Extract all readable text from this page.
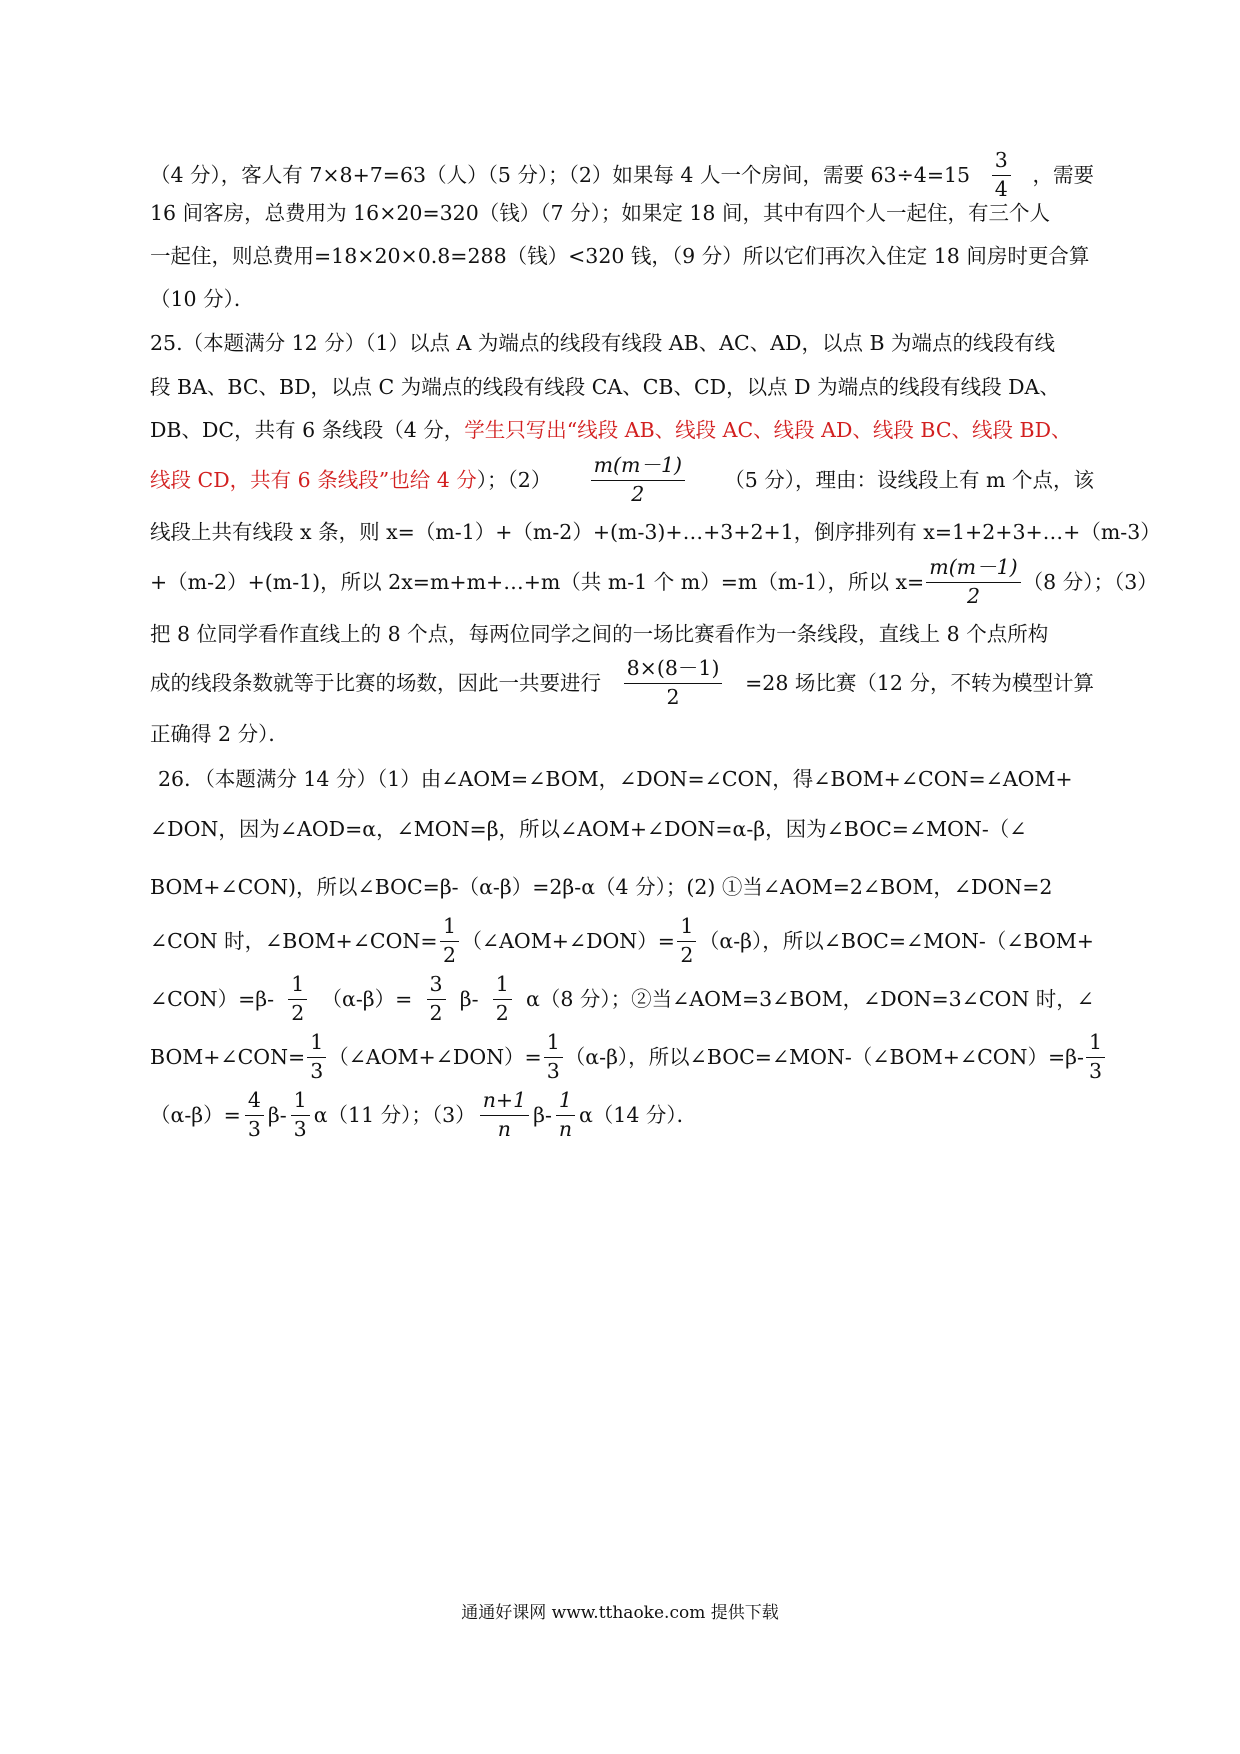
（4 分），客人有 7×8+7=63（人）（5 分）；（2）如果每 4 人一个房间，需要 $63\div 4=15 \frac{3}{4}$ ，需要
16 间客房，总费用为 16×20=320（钱）（7 分）；如果定 18 间，其中有四个人一起住，有三个人
一起住，则总费用=18×20×0.8=288（钱）<320 钱，（9 分）所以它们再次入住定 18 间房时更合算
（10 分）．
25.（本题满分 12 分）（1）以点 A 为端点的线段有线段 AB、AC、AD，以点 B 为端点的线段有线
段 BA、BC、BD，以点 C 为端点的线段有线段 CA、CB、CD，以点 D 为端点的线段有线段 DA、
DB、DC，共有 6 条线段（4 分，学生只写出“线段 AB、线段 AC、线段 AD、线段 BC、线段 BD、
线段 CD，共有 6 条线段”也给 4 分）；$(2) \frac{m(m-1)}{2} (5$ 分），理由：设线段上有 m 个点，该
线段上共有线段 x 条，则 x=（m-1）+（m-2）+(m-3)+…+3+2+1，倒序排列有 x=1+2+3+…+（m-3）
+（m-2）+(m-1)，所以 2x=m+m+…+m（共 m-1 个 m）=m（m-1），所以 $x= \frac{m(m-1)}{2} (8$ 分）；（3）
把 8 位同学看作直线上的 8 个点，每两位同学之间的一场比赛看作为一条线段，直线上 8 个点所构
成的线段条数就等于比赛的场数，因此一共要进行 $\frac{8\times(8-1)}{2} =28$ 场比赛（12 分，不转为模型计算
正确得 2 分）．
26．（本题满分 14 分）（1）由∠AOM=∠BOM，∠DON=∠CON，得∠BOM+∠CON=∠AOM+
∠DON，因为∠AOD=α，∠MON=β，所以∠AOM+∠DON=α-β，因为∠BOC=∠MON-（∠
BOM+∠CON)，所以∠BOC=β-（α-β）=2β-α（4 分）；(2) ①当∠AOM=2∠BOM，∠DON=2
∠CON 时，∠BOM+∠CON= $\frac{1}{2}$ （∠AOM+∠DON）= $\frac{1}{2} (\alpha-\beta)$，所以∠BOC=∠MON-（∠BOM+
∠CON）=β- $\frac{1}{2} (\alpha-\beta)= \frac{3}{2} \beta- \frac{1}{2} \alpha(8$ 分）；②当∠AOM=3∠BOM，∠DON=3∠CON 时，∠
BOM+∠CON= $\frac{1}{3}$ （∠AOM+∠DON）= $\frac{1}{3} (\alpha-\beta)$，所以∠BOC=∠MON-（∠BOM+∠CON）=β- $\frac{1}{3}$
$(\alpha-\beta)= \frac{4}{3} \beta- \frac{1}{3} \alpha(11$ 分）；$(3) \frac{n+1}{n} \beta- \frac{1}{n} \alpha(14$ 分）．
通通好课网 www.tthaoke.com 提供下载
